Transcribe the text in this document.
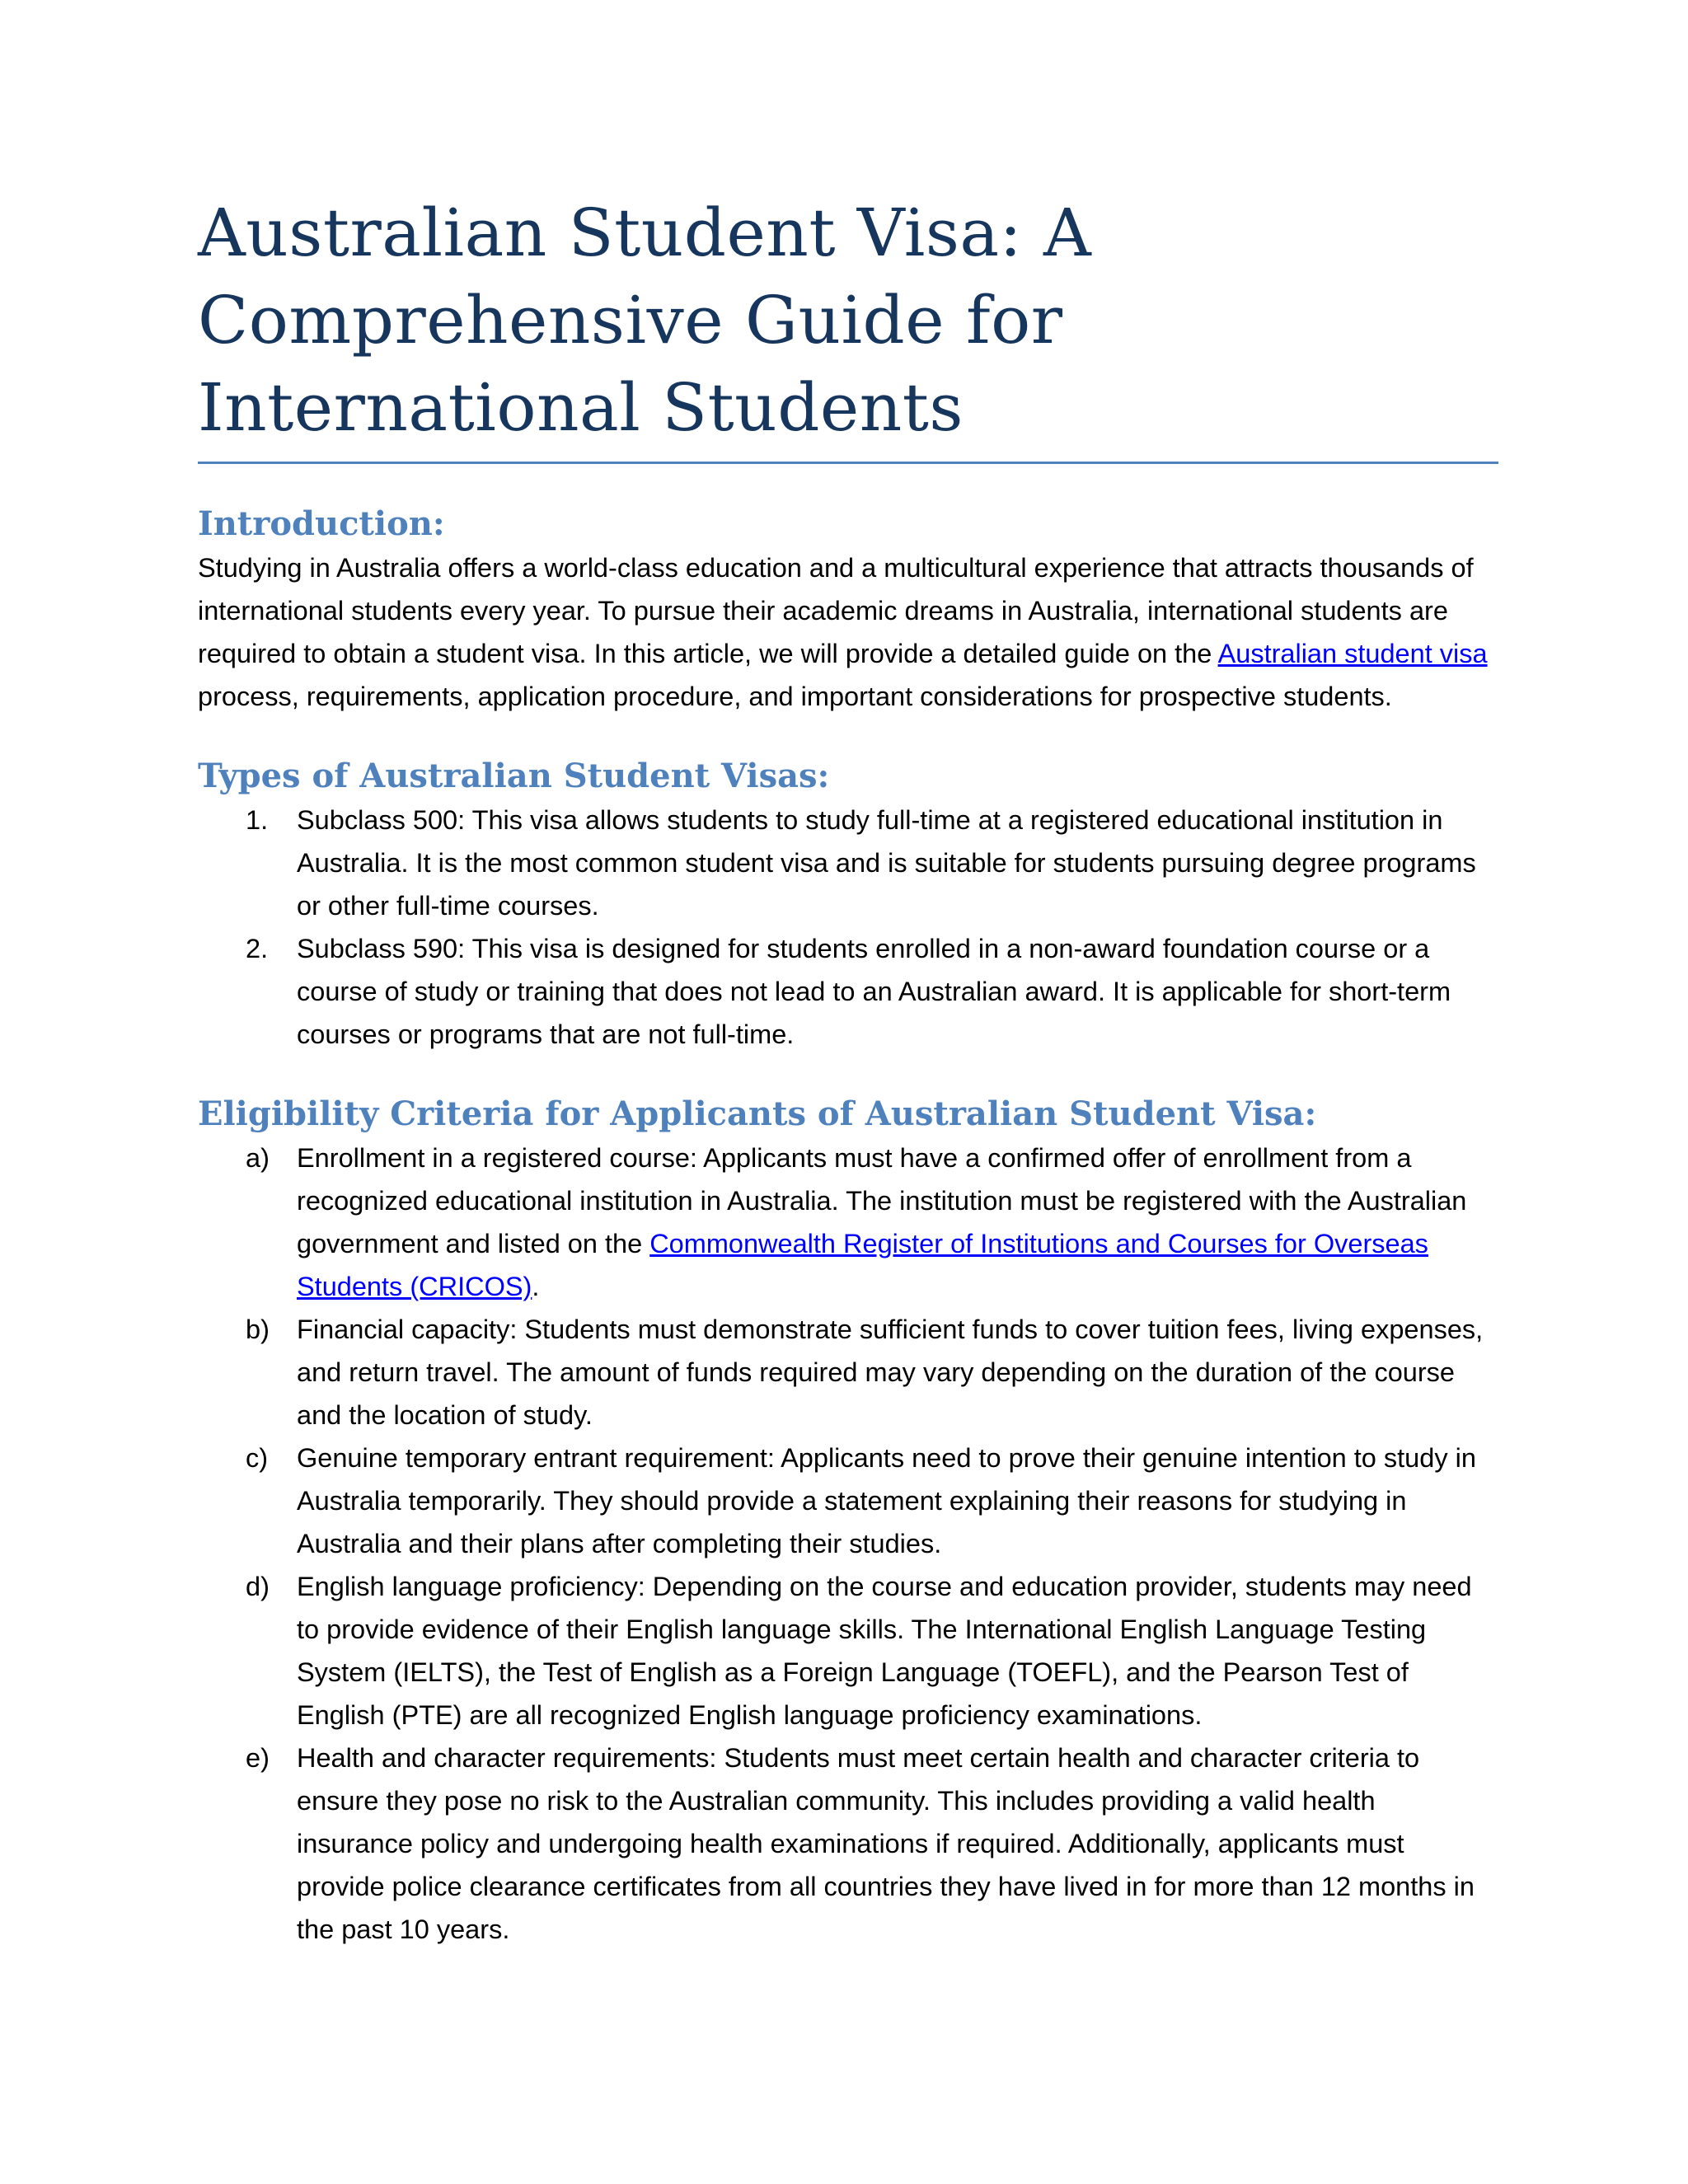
Australian Student Visa: A Comprehensive Guide for International Students
Introduction:

Studying in Australia offers a world-class education and a multicultural experience that attracts thousands of international students every year. To pursue their academic dreams in Australia, international students are required to obtain a student visa. In this article, we will provide a detailed guide on the Australian student visa process, requirements, application procedure, and important considerations for prospective students.

Types of Australian Student Visas:
1. Subclass 500: This visa allows students to study full-time at a registered educational institution in Australia. It is the most common student visa and is suitable for students pursuing degree programs or other full-time courses.
2. Subclass 590: This visa is designed for students enrolled in a non-award foundation course or a course of study or training that does not lead to an Australian award. It is applicable for short-term courses or programs that are not full-time.
Eligibility Criteria for Applicants of Australian Student Visa:
a) Enrollment in a registered course: Applicants must have a confirmed offer of enrollment from a recognized educational institution in Australia. The institution must be registered with the Australian government and listed on the Commonwealth Register of Institutions and Courses for Overseas Students (CRICOS).
b) Financial capacity: Students must demonstrate sufficient funds to cover tuition fees, living expenses, and return travel. The amount of funds required may vary depending on the duration of the course and the location of study.
c) Genuine temporary entrant requirement: Applicants need to prove their genuine intention to study in Australia temporarily. They should provide a statement explaining their reasons for studying in Australia and their plans after completing their studies.
d) English language proficiency: Depending on the course and education provider, students may need to provide evidence of their English language skills. The International English Language Testing System (IELTS), the Test of English as a Foreign Language (TOEFL), and the Pearson Test of English (PTE) are all recognized English language proficiency examinations.
e) Health and character requirements: Students must meet certain health and character criteria to ensure they pose no risk to the Australian community. This includes providing a valid health insurance policy and undergoing health examinations if required. Additionally, applicants must provide police clearance certificates from all countries they have lived in for more than 12 months in the past 10 years.
